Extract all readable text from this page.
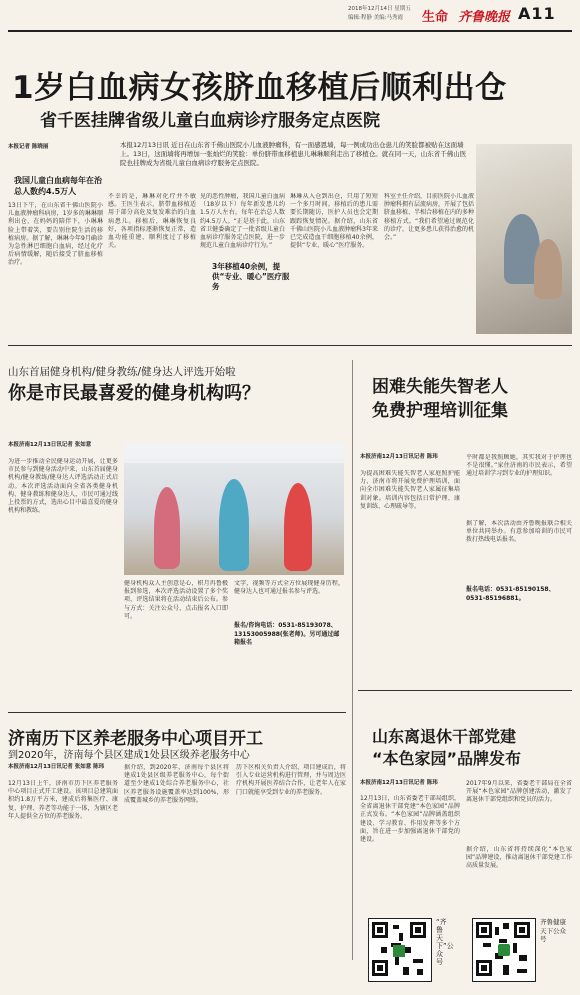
2018年12月14日 星期五
编辑:程静 美编:马秀霞 生命 齐鲁晚报 A11
1岁白血病女孩脐血移植后顺利出仓
省千医挂牌省级儿童白血病诊疗服务定点医院
本报记者 陈晓丽	本报12月13日讯 近日在山东省千佛山医院小儿血液肿瘤科，有一面感恩墙，每一例成功出仓患儿的笑脸都被贴在这面墙上。13日，这面墙将再增加一张灿烂的笑脸：单份脐带血移植患儿琳琳顺利走出了移植仓。就在同一天，山东省千佛山医院也挂牌成为省级儿童白血病诊疗服务定点医院。
我国儿童白血病每年在治总人数约4.5万人
13日下午，在山东省千佛山医院小儿血液肿瘤科病房，1岁多的琳琳顺利出仓，在妈妈的陪伴下，小琳琳脸上带着笑，要告别住院生活的移植病房。据了解，琳琳今年9月确诊为急性淋巴细胞白血病，经过化疗后病情缓解，随后接受了脐血移植治疗。
不幸的是，琳琳对化疗并不敏感。王医生表示，脐带血移植适用于部分高危及复发难治的白血病患儿。移植后，琳琳恢复良好，各项指标逐渐恢复正常，造血功能重建，顺利度过了移植关。
见的恶性肿瘤，我国儿童白血病（18岁以下）每年新发患儿约1.5万人左右，每年在治总人数约4.5万人。“正是基于此，山东省卫健委确定了一批省级儿童白血病诊疗服务定点医院，进一步规范儿童白血病诊疗行为。”
3年移植40余例，提供“专业、暖心”医疗服务
琳琳从入仓到出仓，只用了短短一个多月时间。移植后的患儿需要长期随访，医护人员也会定期跟踪恢复情况。据介绍，山东省千佛山医院小儿血液肿瘤科3年来已完成造血干细胞移植40余例，提供“专业、暖心”医疗服务。
科室主任介绍，目前医院小儿血液肿瘤科拥有层流病房，开展了包括脐血移植、半相合移植在内的多种移植方式。“我们希望通过规范化的诊疗，让更多患儿获得治愈的机会。”
山东首届健身机构/健身教练/健身达人评选开始啦
你是市民最喜爱的健身机构吗？
本报济南12月13日讯记者 张如意
为进一步推动全民健身运动开展，让更多市民参与到健身活动中来，山东首届健身机构/健身教练/健身达人评选活动正式启动。本次评选活动面向全省各类健身机构、健身教练和健身达人，市民可通过线上投票的方式，选出心目中最喜爱的健身机构和教练。
健身机构众人主创意是心，积月冉鲁极报到参选，本次评选活动设置了多个奖项，评选结果将在活动结束后公布。参与方式：关注公众号，点击报名入口即可。
文字，视频等方式全方位展现健身历程，健身达人也可通过报名参与评选。
报名/咨询电话：0531-85193078、13153005988(张老师)。另可通过邮箱报名
济南历下区养老服务中心项目开工
到2020年，济南每个县区建成1处县区级养老服务中心
本报济南12月13日讯记者 张如意 陈玮
12月13日上午，济南市历下区养老服务中心项目正式开工建设。该项目总建筑面积约1.8万平方米，建成后将集医疗、康复、护理、养老等功能于一体，为辖区老年人提供全方位的养老服务。
据介绍，到2020年，济南每个县区将建成1处县区级养老服务中心，每个街道至少建成1处综合养老服务中心，社区养老服务设施覆盖率达到100%，形成覆盖城乡的养老服务网络。
历下区相关负责人介绍，项目建成后，将引入专业运营机构进行管理，并与周边医疗机构开展医养结合合作，让老年人在家门口就能享受到专业的养老服务。
困难失能失智老人
免费护理培训征集
本报济南12月13日讯记者 陈玮
为提高困难失能失智老人家庭照护能力，济南市将开展免费护理培训，面向全市困难失能失智老人家属征集培训对象。培训内容包括日常护理、康复训练、心理疏导等。
平时都是我照顾她，其实我对于护理也不是很懂。”家住济南的市民表示，希望通过培训学习到专业的护理知识。
据了解，本次活动由齐鲁晚报联合相关单位共同举办。有意参加培训的市民可拨打热线电话报名。
报名电话：0531-85190158、0531-85196881。
山东离退休干部党建
“本色家园”品牌发布
本报济南12月13日讯记者 陈玮
12月13日，山东省委老干部局组织，全省离退休干部党建“本色家园”品牌正式发布。“本色家园”品牌涵盖组织建设、学习教育、作用发挥等多个方面，旨在进一步加强离退休干部党的建设。
2017年9月以来，省委老干部局在全省开展“本色家园”品牌创建活动，激发了离退休干部党组织和党员的活力。
据介绍，山东省将持续深化“本色家园”品牌建设，推动离退休干部党建工作高质量发展。
“齐鲁天下”公众号
齐鲁健康天下公众号
